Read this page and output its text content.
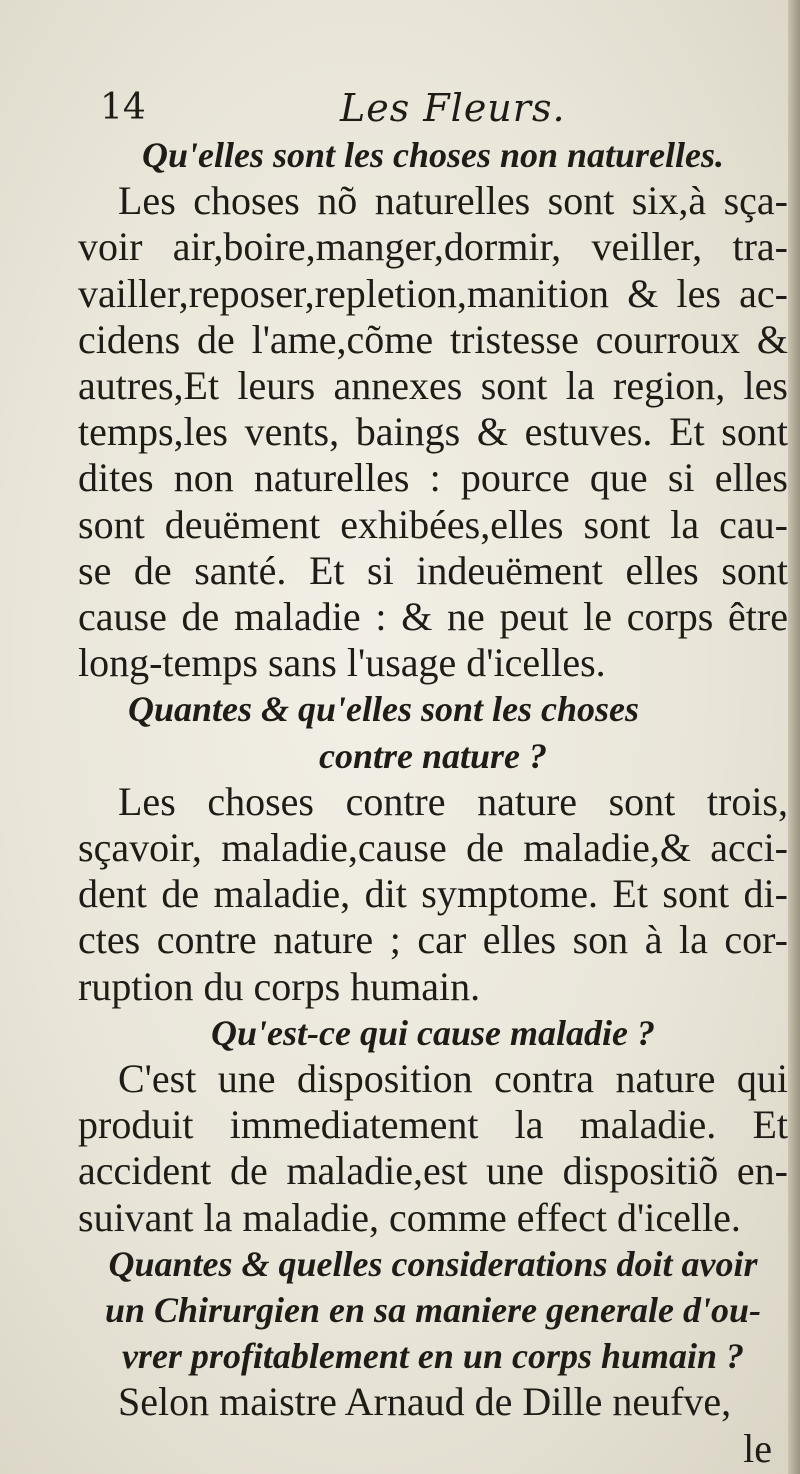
14	Les Fleurs.
Qu'elles sont les choses non naturelles.
Les choses nõ naturelles sont six,à sça-
voir air,boire,manger,dormir, veiller, tra-
vailler,reposer,repletion,manition & les ac-
cidens de l'ame,cõme tristesse courroux &
autres,Et leurs annexes sont la region, les
temps,les vents, baings & estuves. Et sont
dites non naturelles : pource que si elles
sont deuëment exhibées,elles sont la cau-
se de santé. Et si indeuëment elles sont
cause de maladie : & ne peut le corps être
long-temps sans l'usage d'icelles.
Quantes & qu'elles sont les choses
contre nature ?
Les choses contre nature sont trois,
sçavoir, maladie,cause de maladie,& acci-
dent de maladie, dit symptome. Et sont di-
ctes contre nature ; car elles son à la cor-
ruption du corps humain.
Qu'est-ce qui cause maladie ?
C'est une disposition contra nature qui
produit immediatement la maladie. Et
accident de maladie,est une dispositiõ en-
suivant la maladie, comme effect d'icelle.
Quantes & quelles considerations doit avoir
un Chirurgien en sa maniere generale d'ou-
vrer profitablement en un corps humain ?
Selon maistre Arnaud de Dille neufve,
le
